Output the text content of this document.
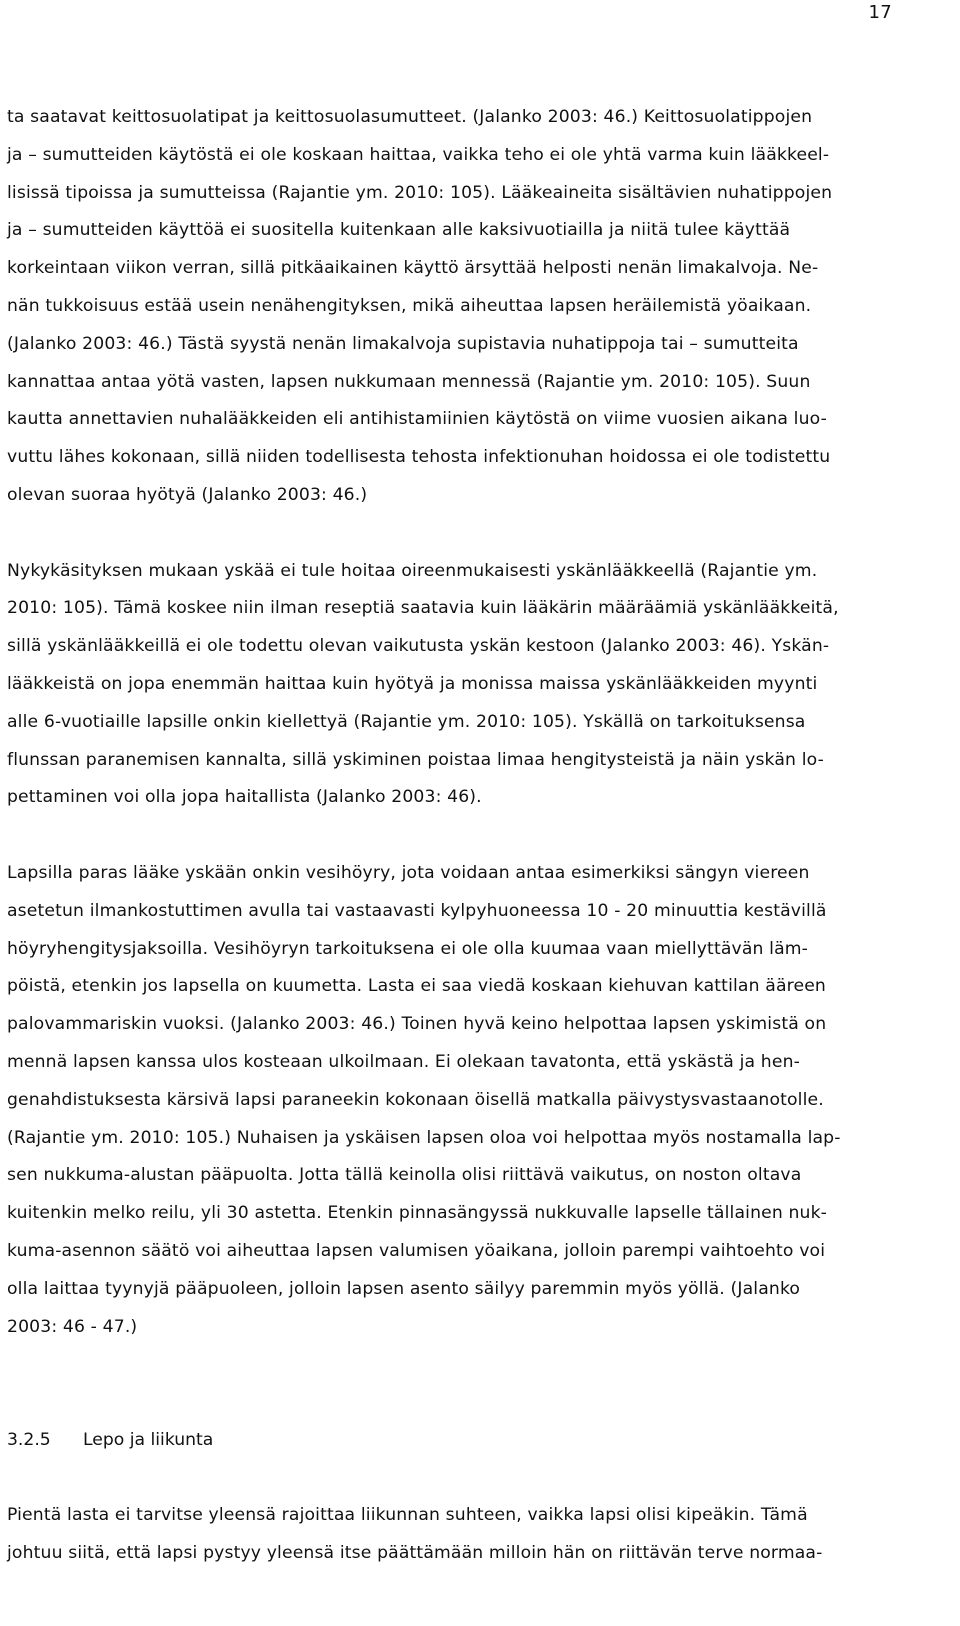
17
ta saatavat keittosuolatipat ja keittosuolasumutteet. (Jalanko 2003: 46.) Keittosuolatippojen
ja – sumutteiden käytöstä ei ole koskaan haittaa, vaikka teho ei ole yhtä varma kuin lääkkeel-
lisissä tipoissa ja sumutteissa (Rajantie ym. 2010: 105). Lääkeaineita sisältävien nuhatippojen
ja – sumutteiden käyttöä ei suositella kuitenkaan alle kaksivuotiailla ja niitä tulee käyttää
korkeintaan viikon verran, sillä pitkäaikainen käyttö ärsyttää helposti nenän limakalvoja. Ne-
nän tukkoisuus estää usein nenähengityksen, mikä aiheuttaa lapsen heräilemistä yöaikaan.
(Jalanko 2003: 46.) Tästä syystä nenän limakalvoja supistavia nuhatippoja tai – sumutteita
kannattaa antaa yötä vasten, lapsen nukkumaan mennessä (Rajantie ym. 2010: 105). Suun
kautta annettavien nuhalääkkeiden eli antihistamiinien käytöstä on viime vuosien aikana luo-
vuttu lähes kokonaan, sillä niiden todellisesta tehosta infektionuhan hoidossa ei ole todistettu
olevan suoraa hyötyä (Jalanko 2003: 46.)
Nykykäsityksen mukaan yskää ei tule hoitaa oireenmukaisesti yskänlääkkeellä (Rajantie ym.
2010: 105). Tämä koskee niin ilman reseptiä saatavia kuin lääkärin määräämiä yskänlääkkeitä,
sillä yskänlääkkeillä ei ole todettu olevan vaikutusta yskän kestoon (Jalanko 2003: 46). Yskän-
lääkkeistä on jopa enemmän haittaa kuin hyötyä ja monissa maissa yskänlääkkeiden myynti
alle 6-vuotiaille lapsille onkin kiellettyä (Rajantie ym. 2010: 105). Yskällä on tarkoituksensa
flunssan paranemisen kannalta, sillä yskiminen poistaa limaa hengitysteistä ja näin yskän lo-
pettaminen voi olla jopa haitallista (Jalanko 2003: 46).
Lapsilla paras lääke yskään onkin vesihöyry, jota voidaan antaa esimerkiksi sängyn viereen
asetetun ilmankostuttimen avulla tai vastaavasti kylpyhuoneessa 10 - 20 minuuttia kestävillä
höyryhengitysjaksoilla. Vesihöyryn tarkoituksena ei ole olla kuumaa vaan miellyttävän läm-
pöistä, etenkin jos lapsella on kuumetta. Lasta ei saa viedä koskaan kiehuvan kattilan ääreen
palovammariskin vuoksi. (Jalanko 2003: 46.) Toinen hyvä keino helpottaa lapsen yskimistä on
mennä lapsen kanssa ulos kosteaan ulkoilmaan. Ei olekaan tavatonta, että yskästä ja hen-
genahdistuksesta kärsivä lapsi paraneekin kokonaan öisellä matkalla päivystysvastaanotolle.
(Rajantie ym. 2010: 105.) Nuhaisen ja yskäisen lapsen oloa voi helpottaa myös nostamalla lap-
sen nukkuma-alustan pääpuolta. Jotta tällä keinolla olisi riittävä vaikutus, on noston oltava
kuitenkin melko reilu, yli 30 astetta. Etenkin pinnasängyssä nukkuvalle lapselle tällainen nuk-
kuma-asennon säätö voi aiheuttaa lapsen valumisen yöaikana, jolloin parempi vaihtoehto voi
olla laittaa tyynyjä pääpuoleen, jolloin lapsen asento säilyy paremmin myös yöllä. (Jalanko
2003: 46 - 47.)
3.2.5 Lepo ja liikunta
Pientä lasta ei tarvitse yleensä rajoittaa liikunnan suhteen, vaikka lapsi olisi kipeäkin. Tämä
johtuu siitä, että lapsi pystyy yleensä itse päättämään milloin hän on riittävän terve normaa-
